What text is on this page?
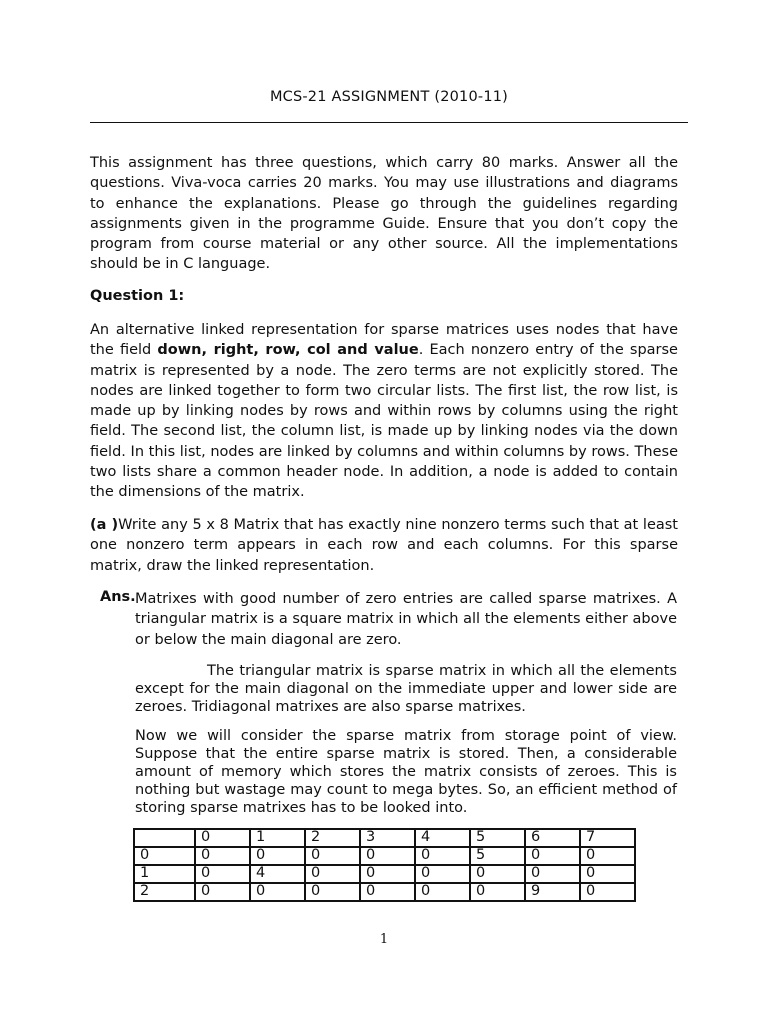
MCS-21 ASSIGNMENT (2010-11)

This assignment has three questions, which carry 80 marks. Answer all the questions. Viva-voca carries 20 marks. You may use illustrations and diagrams to enhance the explanations. Please go through the guidelines regarding assignments given in the programme Guide. Ensure that you don’t copy the program from course material or any other source. All the implementations should be in C language.

Question 1:

An alternative linked representation for sparse matrices uses nodes that have the field down, right, row, col and value. Each nonzero entry of the sparse matrix is represented by a node. The zero terms are not explicitly stored. The nodes are linked together to form two circular lists. The first list, the row list, is made up by linking nodes by rows and within rows by columns using the right field. The second list, the column list, is made up by linking nodes via the down field. In this list, nodes are linked by columns and within columns by rows. These two lists share a common header node. In addition, a node is added to contain the dimensions of the matrix.

(a )Write any 5 x 8 Matrix that has exactly nine nonzero terms such that at least one nonzero term appears in each row and each columns. For this sparse matrix, draw the linked representation.

Ans. Matrixes with good number of zero entries are called sparse matrixes. A triangular matrix is a square matrix in which all the elements either above or below the main diagonal are zero.

The triangular matrix is sparse matrix in which all the elements except for the main diagonal on the immediate upper and lower side are zeroes. Tridiagonal matrixes are also sparse matrixes.

Now we will consider the sparse matrix from storage point of view. Suppose that the entire sparse matrix is stored. Then, a considerable amount of memory which stores the matrix consists of zeroes. This is nothing but wastage may count to mega bytes. So, an efficient method of storing sparse matrixes has to be looked into.

	0	1	2	3	4	5	6	7
0	0	0	0	0	0	5	0	0
1	0	4	0	0	0	0	0	0
2	0	0	0	0	0	0	9	0
1
